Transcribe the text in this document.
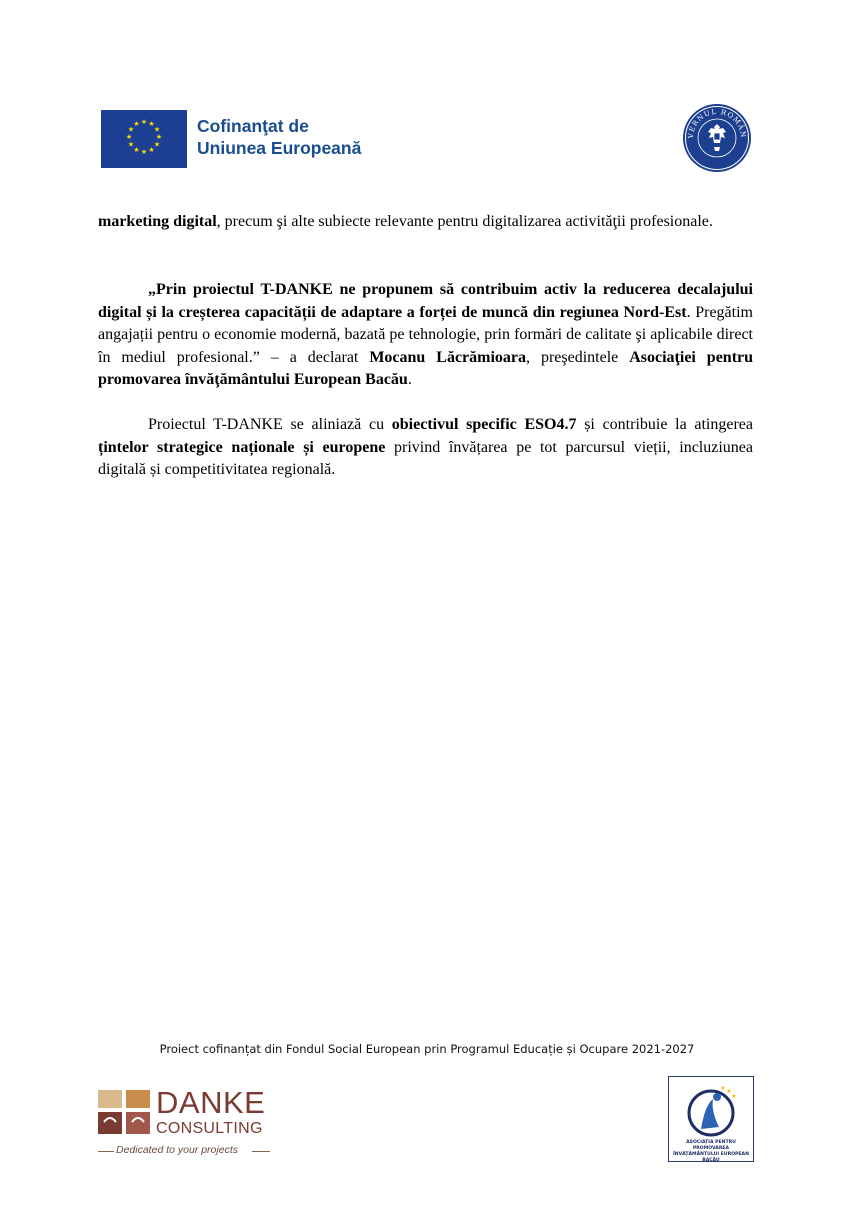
★ ★
★
★
★
★
★
★
★
★
★
★	Cofinanţat de
Uniunea Europeană
VERNUL ROMÂN
marketing digital, precum şi alte subiecte relevante pentru digitalizarea activităţii profesionale.
„Prin proiectul T-DANKE ne propunem să contribuim activ la reducerea decalajului digital și la creșterea capacității de adaptare a forței de muncă din regiunea Nord-Est. Pregătim angajații pentru o economie modernă, bazată pe tehnologie, prin formări de calitate şi aplicabile direct în mediul profesional.” – a declarat Mocanu Lăcrămioara, preşedintele Asociaţiei pentru promovarea învăţământului European Bacău.
Proiectul T-DANKE se aliniază cu obiectivul specific ESO4.7 și contribuie la atingerea țintelor strategice naționale și europene privind învățarea pe tot parcursul vieții, incluziunea digitală și competitivitatea regională.
Proiect cofinanțat din Fondul Social European prin Programul Educație și Ocupare 2021-2027
DANKE
CONSULTING
Dedicated to your projects
★ ★
★
ASOCIAȚIA PENTRU PROMOVAREA
ÎNVĂȚĂMÂNTULUI EUROPEAN BACĂU
